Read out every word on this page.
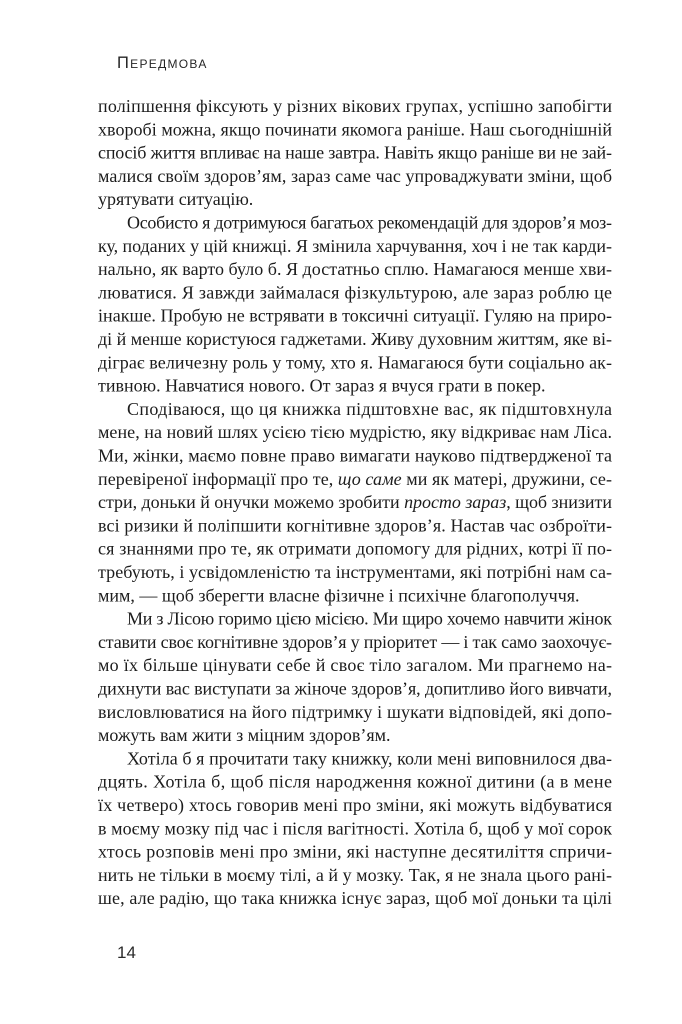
Передмова
поліпшення фіксують у різних вікових групах, успішно запобігти
хворобі можна, якщо починати якомога раніше. Наш сьогоднішній
спосіб життя впливає на наше завтра. Навіть якщо раніше ви не зай-
малися своїм здоров’ям, зараз саме час упроваджувати зміни, щоб
урятувати ситуацію.
Особисто я дотримуюся багатьох рекомендацій для здоров’я моз-
ку, поданих у цій книжці. Я змінила харчування, хоч і не так карди-
нально, як варто було б. Я достатньо сплю. Намагаюся менше хви-
люватися. Я завжди займалася фізкультурою, але зараз роблю це
інакше. Пробую не встрявати в токсичні ситуації. Гуляю на приро-
ді й менше користуюся гаджетами. Живу духовним життям, яке ві-
діграє величезну роль у тому, хто я. Намагаюся бути соціально ак-
тивною. Навчатися нового. От зараз я вчуся грати в покер.
Сподіваюся, що ця книжка підштовхне вас, як підштовхнула
мене, на новий шлях усією тією мудрістю, яку відкриває нам Ліса.
Ми, жінки, маємо повне право вимагати науково підтвердженої та
перевіреної інформації про те, що саме ми як матері, дружини, се-
стри, доньки й онучки можемо зробити просто зараз, щоб знизити
всі ризики й поліпшити когнітивне здоров’я. Настав час озброїти-
ся знаннями про те, як отримати допомогу для рідних, котрі її по-
требують, і усвідомленістю та інструментами, які потрібні нам са-
мим, — щоб зберегти власне фізичне і психічне благополуччя.
Ми з Лісою горимо цією місією. Ми щиро хочемо навчити жінок
ставити своє когнітивне здоров’я у пріоритет — і так само заохочує-
мо їх більше цінувати себе й своє тіло загалом. Ми прагнемо на-
дихнути вас виступати за жіноче здоров’я, допитливо його вивчати,
висловлюватися на його підтримку і шукати відповідей, які допо-
можуть вам жити з міцним здоров’ям.
Хотіла б я прочитати таку книжку, коли мені виповнилося два-
дцять. Хотіла б, щоб після народження кожної дитини (а в мене
їх четверо) хтось говорив мені про зміни, які можуть відбуватися
в моєму мозку під час і після вагітності. Хотіла б, щоб у мої сорок
хтось розповів мені про зміни, які наступне десятиліття спричи-
нить не тільки в моєму тілі, а й у мозку. Так, я не знала цього рані-
ше, але радію, що така книжка існує зараз, щоб мої доньки та цілі
14
